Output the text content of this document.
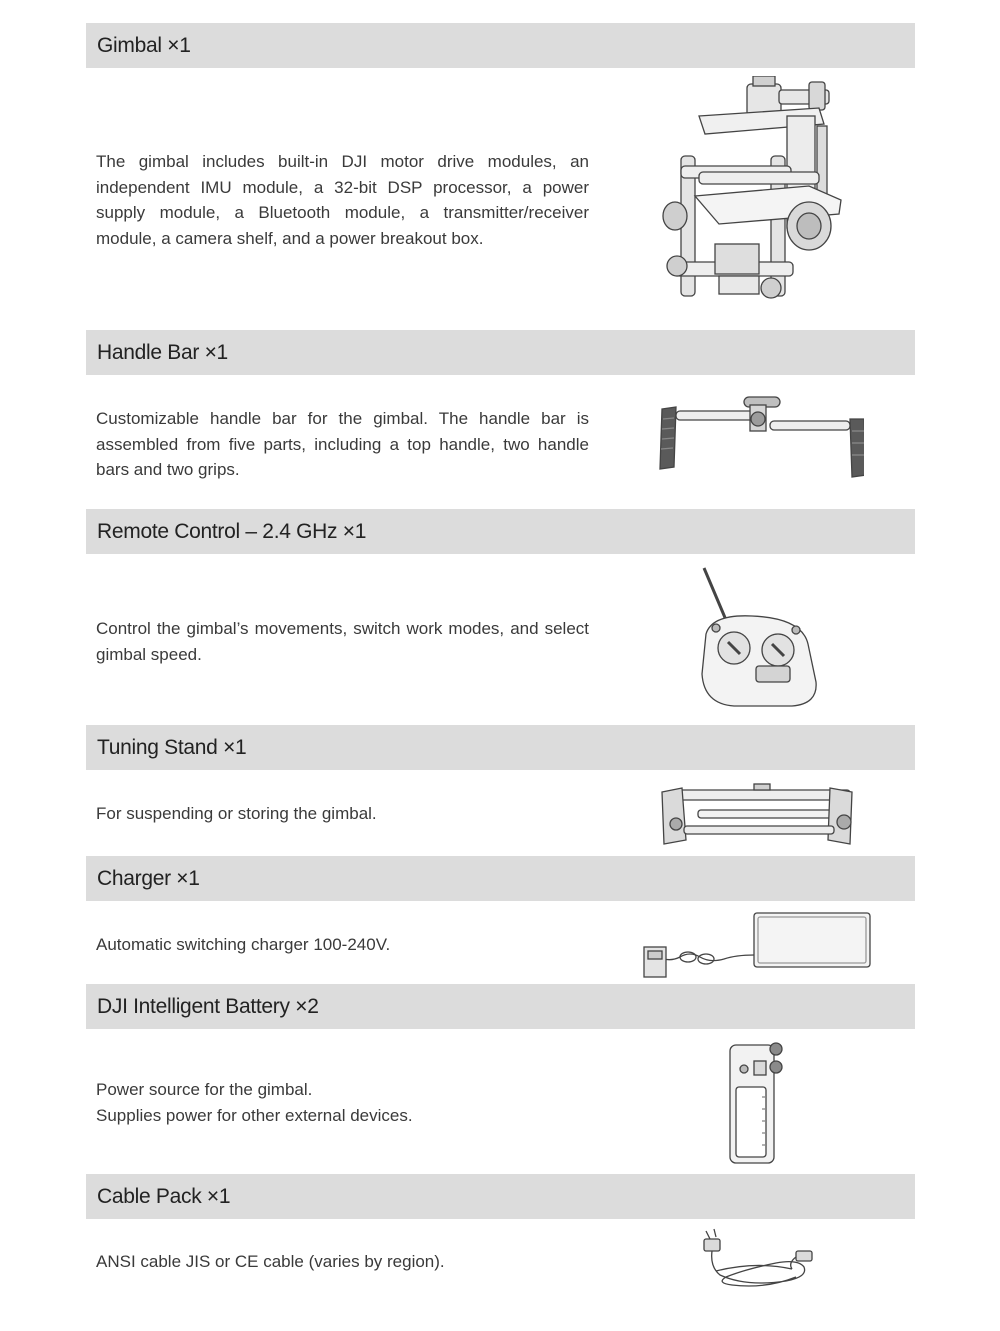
Gimbal ×1

The gimbal includes built-in DJI motor drive modules, an independent IMU module, a 32-bit DSP processor, a power supply module, a Bluetooth module, a transmitter/receiver module, a camera shelf, and a power breakout box.

Handle Bar ×1

Customizable handle bar for the gimbal. The handle bar is assembled from five parts, including a top handle, two handle bars and two grips.

Remote Control – 2.4 GHz ×1

Control the gimbal’s movements, switch work modes, and select gimbal speed.

Tuning Stand ×1

For suspending or storing the gimbal.

Charger ×1

Automatic switching charger 100-240V.

DJI Intelligent Battery ×2

Power source for the gimbal.

Supplies power for other external devices.

Cable Pack ×1

ANSI cable JIS or CE cable (varies by region).
